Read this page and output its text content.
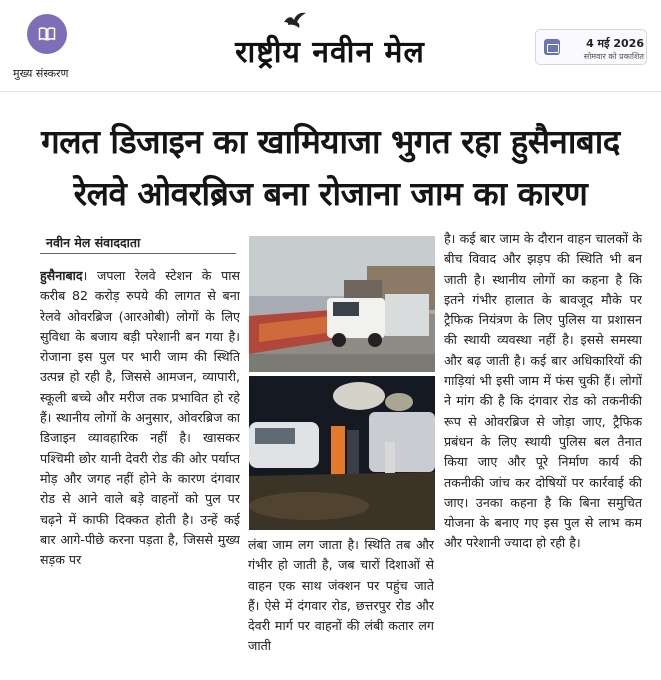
मुख्य संस्करण
राष्ट्रीय नवीन मेल	4 मई 2026
सोमवार को प्रकाशित
गलत डिजाइन का खामियाजा भुगत रहा हुसैनाबाद
रेलवे ओवरब्रिज बना रोजाना जाम का कारण
नवीन मेल संवाददाता
हुसैनाबाद। जपला रेलवे स्टेशन के पास करीब 82 करोड़ रुपये की लागत से बना रेलवे ओवरब्रिज (आरओबी) लोगों के लिए सुविधा के बजाय बड़ी परेशानी बन गया है। रोजाना इस पुल पर भारी जाम की स्थिति उत्पन्न हो रही है, जिससे आमजन, व्यापारी, स्कूली बच्चे और मरीज तक प्रभावित हो रहे हैं। स्थानीय लोगों के अनुसार, ओवरब्रिज का डिजाइन व्यावहारिक नहीं है। खासकर पश्चिमी छोर यानी देवरी रोड की ओर पर्याप्त मोड़ और जगह नहीं होने के कारण दंगवार रोड से आने वाले बड़े वाहनों को पुल पर चढ़ने में काफी दिक्कत होती है। उन्हें कई बार आगे-पीछे करना पड़ता है, जिससे मुख्य सड़क पर
लंबा जाम लग जाता है। स्थिति तब और गंभीर हो जाती है, जब चारों दिशाओं से वाहन एक साथ जंक्शन पर पहुंच जाते हैं। ऐसे में दंगवार रोड, छत्तरपुर रोड और देवरी मार्ग पर वाहनों की लंबी कतार लग जाती
है। कई बार जाम के दौरान वाहन चालकों के बीच विवाद और झड़प की स्थिति भी बन जाती है। स्थानीय लोगों का कहना है कि इतने गंभीर हालात के बावजूद मौके पर ट्रैफिक नियंत्रण के लिए पुलिस या प्रशासन की स्थायी व्यवस्था नहीं है। इससे समस्या और बढ़ जाती है। कई बार अधिकारियों की गाड़ियां भी इसी जाम में फंस चुकी हैं। लोगों ने मांग की है कि दंगवार रोड को तकनीकी रूप से ओवरब्रिज से जोड़ा जाए, ट्रैफिक प्रबंधन के लिए स्थायी पुलिस बल तैनात किया जाए और पूरे निर्माण कार्य की तकनीकी जांच कर दोषियों पर कार्रवाई की जाए। उनका कहना है कि बिना समुचित योजना के बनाए गए इस पुल से लाभ कम और परेशानी ज्यादा हो रही है।
